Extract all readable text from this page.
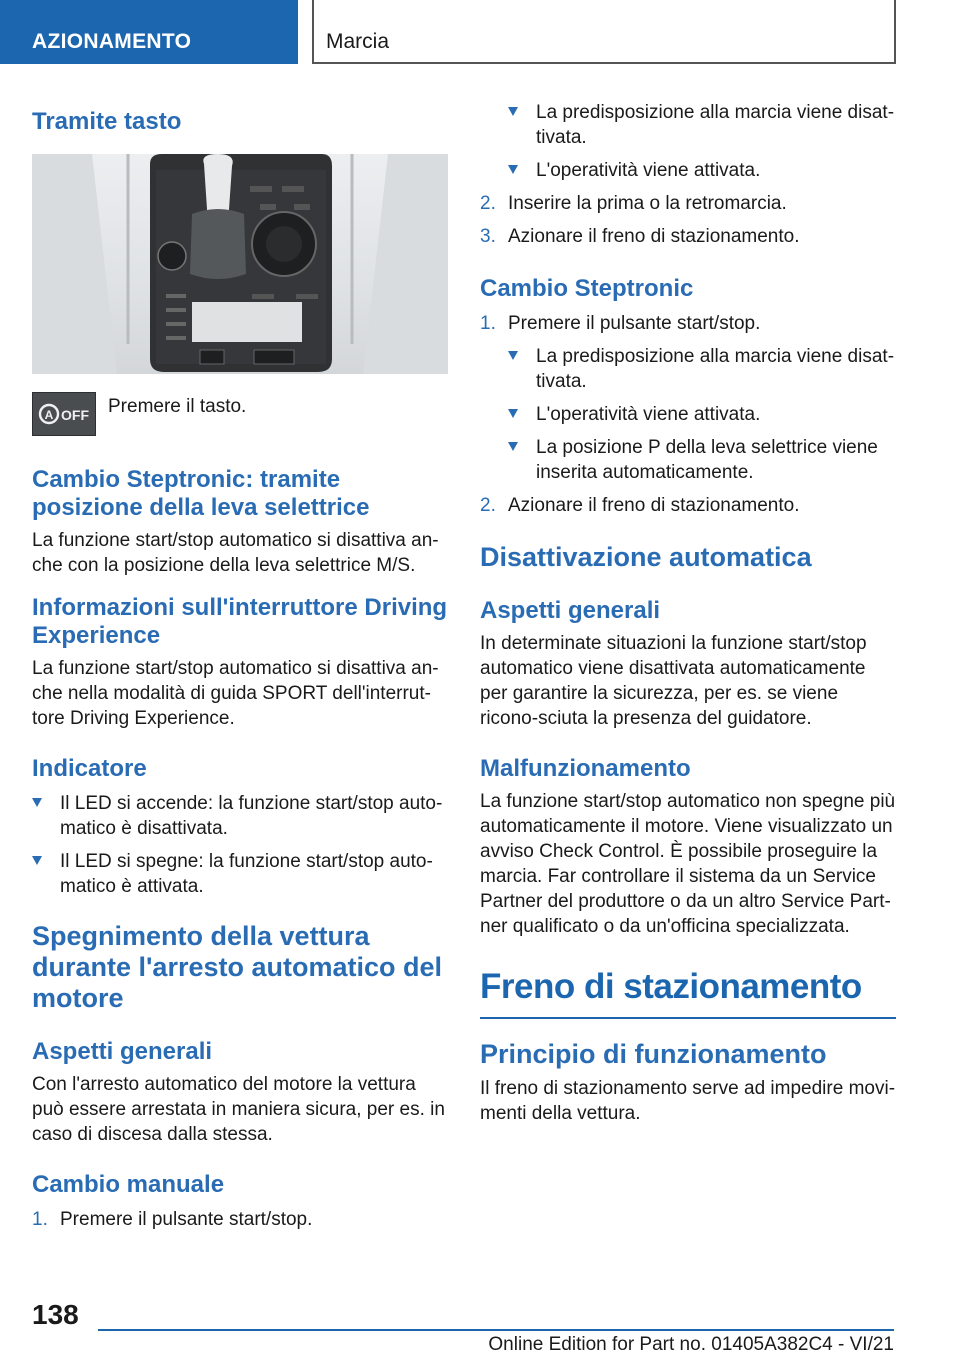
AZIONAMENTO	Marcia
Tramite tasto
A OFF Premere il tasto.

Cambio Steptronic: tramite posizione della leva selettrice

La funzione start/stop automatico si disattiva an-che con la posizione della leva selettrice M/S.

Informazioni sull'interruttore Driving Experience

La funzione start/stop automatico si disattiva an-che nella modalità di guida SPORT dell'interrut-tore Driving Experience.

Indicatore
Il LED si accende: la funzione start/stop auto-matico è disattivata.
Il LED si spegne: la funzione start/stop auto-matico è attivata.
Spegnimento della vettura durante l'arresto automatico del motore
Aspetti generali

Con l'arresto automatico del motore la vettura può essere arrestata in maniera sicura, per es. in caso di discesa dalla stessa.

Cambio manuale
1. Premere il pulsante start/stop.
La predisposizione alla marcia viene disat-tivata.
L'operatività viene attivata.
2. Inserire la prima o la retromarcia.
3. Azionare il freno di stazionamento.
Cambio Steptronic
1. Premere il pulsante start/stop.
La predisposizione alla marcia viene disat-tivata.
L'operatività viene attivata.
La posizione P della leva selettrice viene inserita automaticamente.
2. Azionare il freno di stazionamento.
Disattivazione automatica
Aspetti generali

In determinate situazioni la funzione start/stop automatico viene disattivata automaticamente per garantire la sicurezza, per es. se viene ricono-sciuta la presenza del guidatore.

Malfunzionamento

La funzione start/stop automatico non spegne più automaticamente il motore. Viene visualizzato un avviso Check Control. È possibile proseguire la marcia. Far controllare il sistema da un Service Partner del produttore o da un altro Service Part-ner qualificato o da un'officina specializzata.

Freno di stazionamento
Principio di funzionamento

Il freno di stazionamento serve ad impedire movi-menti della vettura.

138
Online Edition for Part no. 01405A382C4 - VI/21
